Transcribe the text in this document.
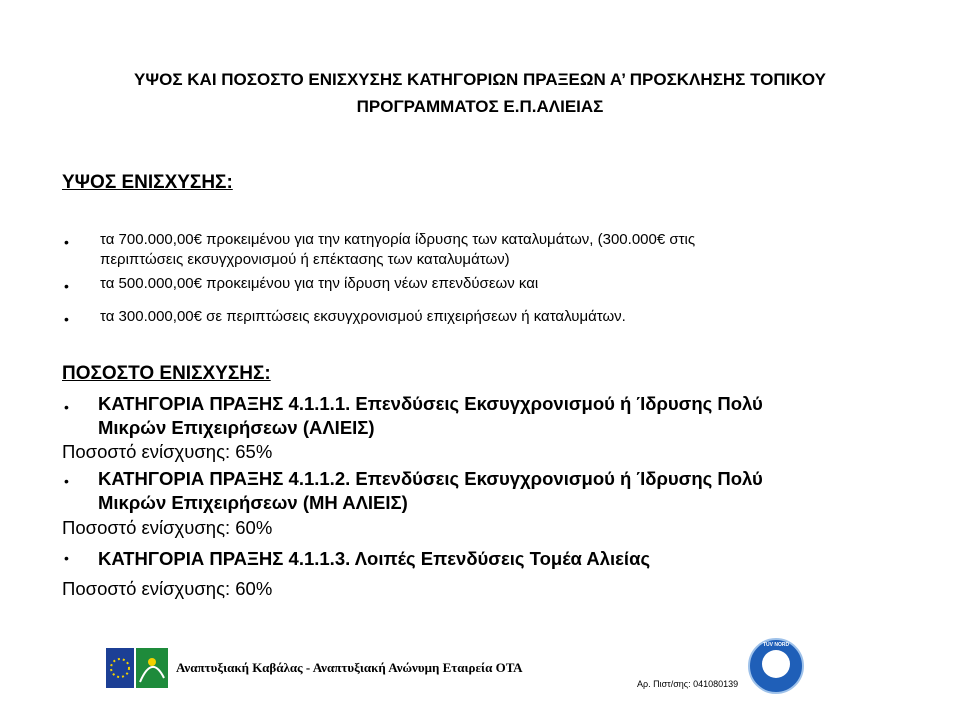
ΥΨΟΣ ΚΑΙ ΠΟΣΟΣΤΟ ΕΝΙΣΧΥΣΗΣ ΚΑΤΗΓΟΡΙΩΝ ΠΡΑΞΕΩΝ Α’ ΠΡΟΣΚΛΗΣΗΣ ΤΟΠΙΚΟΥ
ΠΡΟΓΡΑΜΜΑΤΟΣ Ε.Π.ΑΛΙΕΙΑΣ
ΥΨΟΣ ΕΝΙΣΧΥΣΗΣ:
• τα 700.000,00€ προκειμένου για την κατηγορία ίδρυσης των καταλυμάτων, (300.000€ στις
περιπτώσεις εκσυγχρονισμού ή επέκτασης των καταλυμάτων)
• τα 500.000,00€ προκειμένου για την ίδρυση νέων επενδύσεων και
• τα 300.000,00€ σε περιπτώσεις εκσυγχρονισμού επιχειρήσεων ή καταλυμάτων.
ΠΟΣΟΣΤΟ ΕΝΙΣΧΥΣΗΣ:
• ΚΑΤΗΓΟΡΙΑ ΠΡΑΞΗΣ 4.1.1.1. Επενδύσεις Εκσυγχρονισμού ή Ίδρυσης Πολύ
Μικρών Επιχειρήσεων (ΑΛΙΕΙΣ)
Ποσοστό ενίσχυσης: 65%
• ΚΑΤΗΓΟΡΙΑ ΠΡΑΞΗΣ 4.1.1.2. Επενδύσεις Εκσυγχρονισμού ή Ίδρυσης Πολύ
Μικρών Επιχειρήσεων (ΜΗ ΑΛΙΕΙΣ)
Ποσοστό ενίσχυσης: 60%
• ΚΑΤΗΓΟΡΙΑ ΠΡΑΞΗΣ 4.1.1.3. Λοιπές Επενδύσεις Τομέα Αλιείας
Ποσοστό ενίσχυσης: 60%
Αναπτυξιακή Καβάλας - Αναπτυξιακή Ανώνυμη Εταιρεία ΟΤΑ
Αρ. Πιστ/σης: 041080139
TÜV NORD
